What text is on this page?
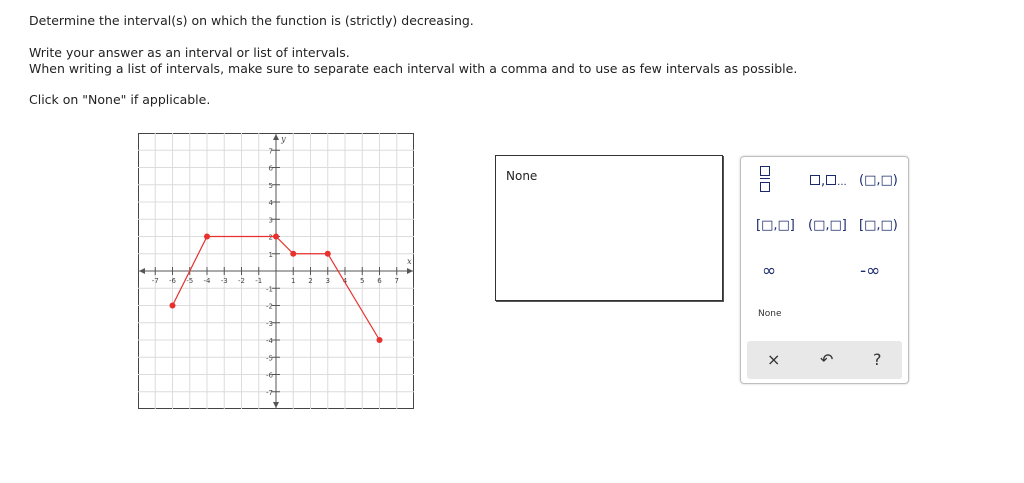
Determine the interval(s) on which the function is (strictly) decreasing.
Write your answer as an interval or list of intervals.
When writing a list of intervals, make sure to separate each interval with a comma and to use as few intervals as possible.
Click on "None" if applicable.
-7 -6 -5 -4 -3 -2 -1	1 2 3 4 5 6 7
-7
-6
-5
-4
-3
-2
-1
1
2
3
4
5
6
7
x
y
None	, ... (□,□)
[□,□] (□,□] [□,□)
∞	-∞
None
× ↶ ?
